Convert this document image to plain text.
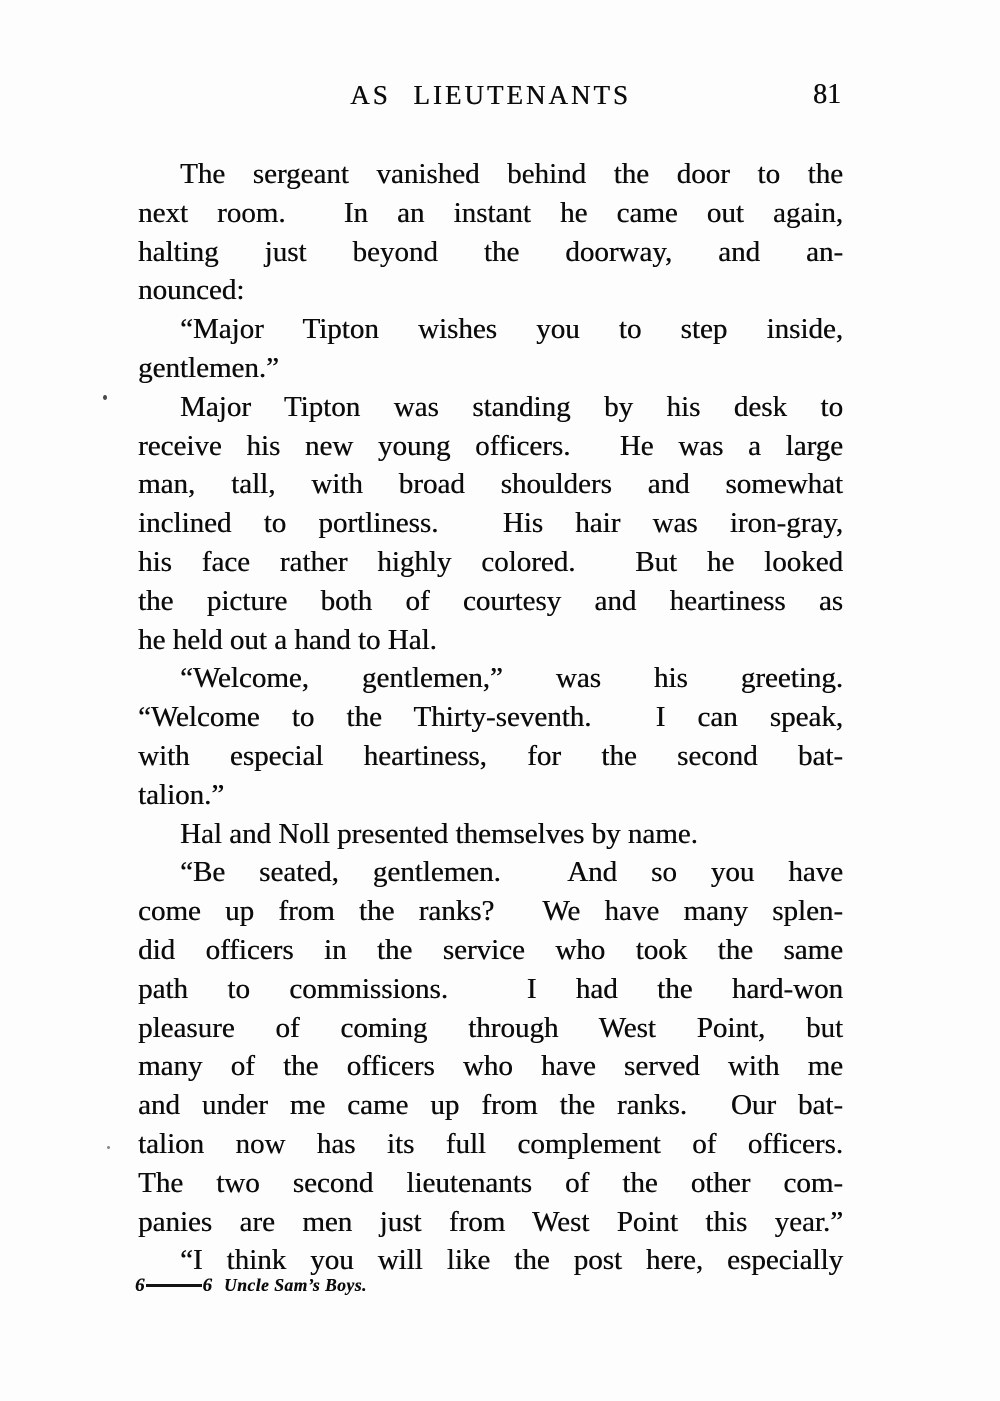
AS LIEUTENANTS	81
The sergeant vanished behind the door to the
next room.  In an instant he came out again,
halting just beyond the doorway, and an-
nounced:
“Major Tipton wishes you to step inside,
gentlemen.”
Major Tipton was standing by his desk to
receive his new young officers.  He was a large
man, tall, with broad shoulders and somewhat
inclined to portliness.  His hair was iron-gray,
his face rather highly colored.  But he looked
the picture both of courtesy and heartiness as
he held out a hand to Hal.
“Welcome, gentlemen,” was his greeting.
“Welcome to the Thirty-seventh.  I can speak,
with especial heartiness, for the second bat-
talion.”
Hal and Noll presented themselves by name.
“Be seated, gentlemen.  And so you have
come up from the ranks?  We have many splen-
did officers in the service who took the same
path to commissions.  I had the hard-won
pleasure of coming through West Point, but
many of the officers who have served with me
and under me came up from the ranks.  Our bat-
talion now has its full complement of officers.
The two second lieutenants of the other com-
panies are men just from West Point this year.”
“I think you will like the post here, especially
6	6 Uncle Sam’s Boys.
